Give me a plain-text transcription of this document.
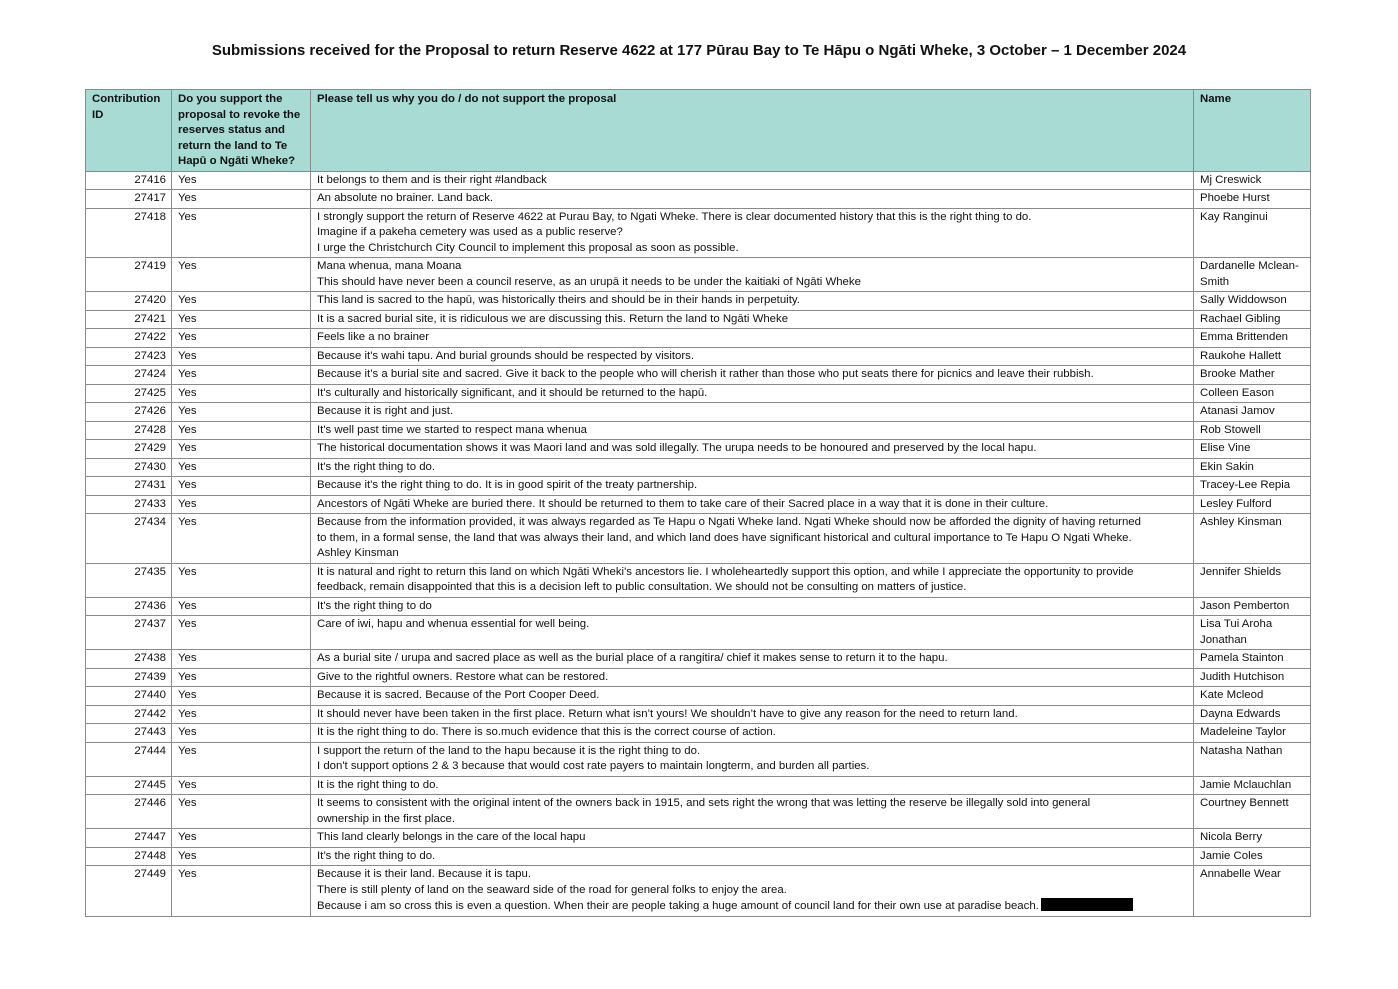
Submissions received for the Proposal to return Reserve 4622 at 177 Pūrau Bay to Te Hāpu o Ngāti Wheke, 3 October – 1 December 2024
Contribution ID	Do you support the proposal to revoke the reserves status and return the land to Te Hapū o Ngāti Wheke?	Please tell us why you do / do not support the proposal	Name
27416	Yes	It belongs to them and is their right #landback	Mj Creswick
27417	Yes	An absolute no brainer. Land back.	Phoebe Hurst
27418	Yes	I strongly support the return of Reserve 4622 at Purau Bay, to Ngati Wheke. There is clear documented history that this is the right thing to do.
Imagine if a pakeha cemetery was used as a public reserve?
I urge the Christchurch City Council to implement this proposal as soon as possible.	Kay Ranginui
27419	Yes	Mana whenua, mana Moana
This should have never been a council reserve, as an urupā it needs to be under the kaitiaki of Ngāti Wheke	Dardanelle Mclean-Smith
27420	Yes	This land is sacred to the hapū, was historically theirs and should be in their hands in perpetuity.	Sally Widdowson
27421	Yes	It is a sacred burial site, it is ridiculous we are discussing this. Return the land to Ngāti Wheke	Rachael Gibling
27422	Yes	Feels like a no brainer	Emma Brittenden
27423	Yes	Because it's wahi tapu. And burial grounds should be respected by visitors.	Raukohe Hallett
27424	Yes	Because it’s a burial site and sacred. Give it back to the people who will cherish it rather than those who put seats there for picnics and leave their rubbish.	Brooke Mather
27425	Yes	It's culturally and historically significant, and it should be returned to the hapū.	Colleen Eason
27426	Yes	Because it is right and just.	Atanasi Jamov
27428	Yes	It's well past time we started to respect mana whenua	Rob Stowell
27429	Yes	The historical documentation shows it was Maori land and was sold illegally. The urupa needs to be honoured and preserved by the local hapu.	Elise Vine
27430	Yes	It's the right thing to do.	Ekin Sakin
27431	Yes	Because it's the right thing to do. It is in good spirit of the treaty partnership.	Tracey-Lee Repia
27433	Yes	Ancestors of Ngāti Wheke are buried there. It should be returned to them to take care of their Sacred place in a way that it is done in their culture.	Lesley Fulford
27434	Yes	Because from the information provided, it was always regarded as Te Hapu o Ngati Wheke land. Ngati Wheke should now be afforded the dignity of having returned
to them, in a formal sense, the land that was always their land, and which land does have significant historical and cultural importance to Te Hapu O Ngati Wheke.
Ashley Kinsman	Ashley Kinsman
27435	Yes	It is natural and right to return this land on which Ngāti Wheki's ancestors lie. I wholeheartedly support this option, and while I appreciate the opportunity to provide
feedback, remain disappointed that this is a decision left to public consultation. We should not be consulting on matters of justice.	Jennifer Shields
27436	Yes	It's the right thing to do	Jason Pemberton
27437	Yes	Care of iwi, hapu and whenua essential for well being.	Lisa Tui Aroha Jonathan
27438	Yes	As a burial site / urupa and sacred place as well as the burial place of a rangitira/ chief it makes sense to return it to the hapu.	Pamela Stainton
27439	Yes	Give to the rightful owners. Restore what can be restored.	Judith Hutchison
27440	Yes	Because it is sacred. Because of the Port Cooper Deed.	Kate Mcleod
27442	Yes	It should never have been taken in the first place. Return what isn’t yours! We shouldn’t have to give any reason for the need to return land.	Dayna Edwards
27443	Yes	It is the right thing to do. There is so.much evidence that this is the correct course of action.	Madeleine Taylor
27444	Yes	I support the return of the land to the hapu because it is the right thing to do.
I don't support options 2 & 3 because that would cost rate payers to maintain longterm, and burden all parties.	Natasha Nathan
27445	Yes	It is the right thing to do.	Jamie Mclauchlan
27446	Yes	It seems to consistent with the original intent of the owners back in 1915, and sets right the wrong that was letting the reserve be illegally sold into general
ownership in the first place.	Courtney Bennett
27447	Yes	This land clearly belongs in the care of the local hapu	Nicola Berry
27448	Yes	It’s the right thing to do.	Jamie Coles
27449	Yes	Because it is their land. Because it is tapu.
There is still plenty of land on the seaward side of the road for general folks to enjoy the area.
Because i am so cross this is even a question. When their are people taking a huge amount of council land for their own use at paradise beach.	Annabelle Wear
